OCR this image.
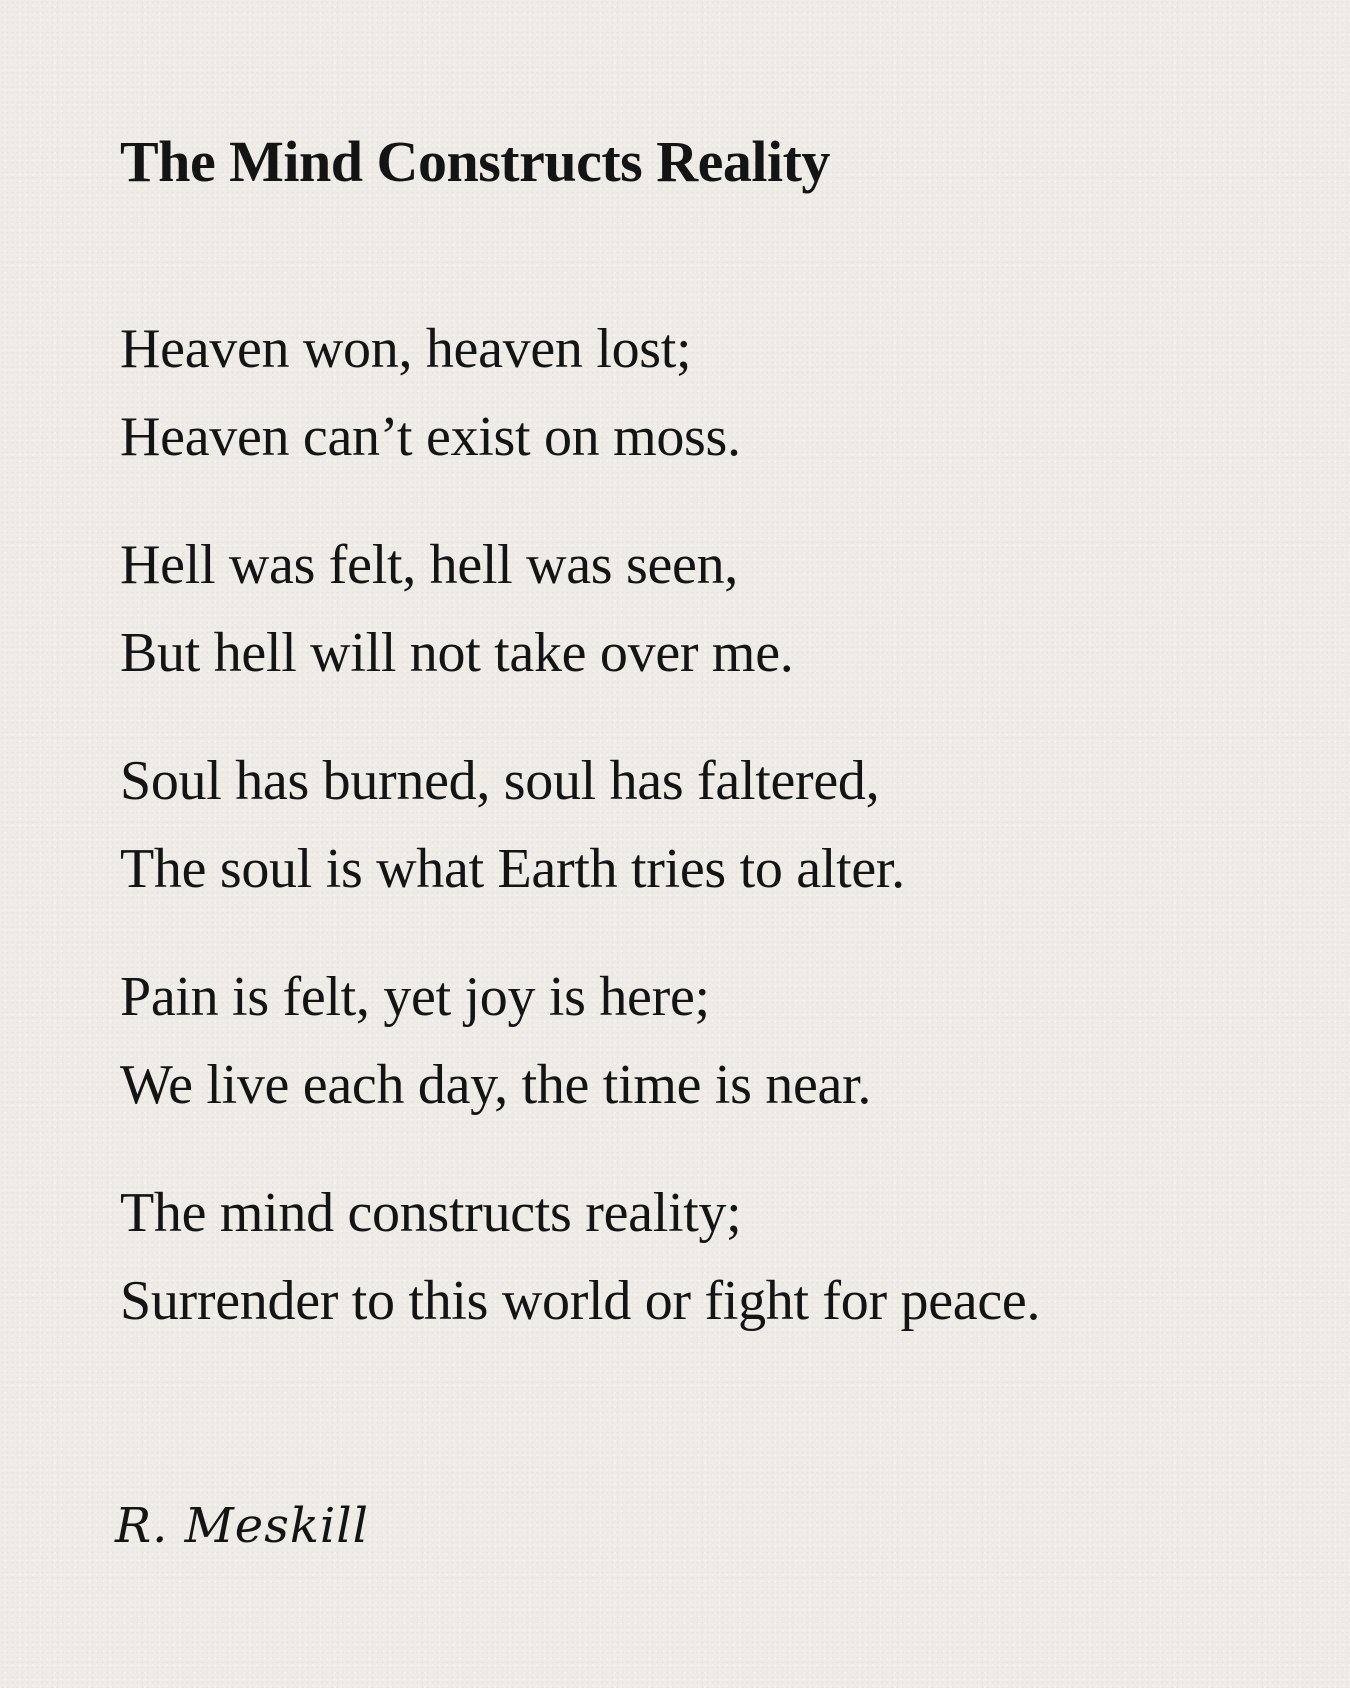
The Mind Constructs Reality
Heaven won, heaven lost;
Heaven can’t exist on moss.
Hell was felt, hell was seen,
But hell will not take over me.
Soul has burned, soul has faltered,
The soul is what Earth tries to alter.
Pain is felt, yet joy is here;
We live each day, the time is near.
The mind constructs reality;
Surrender to this world or fight for peace.
R. Meskill
